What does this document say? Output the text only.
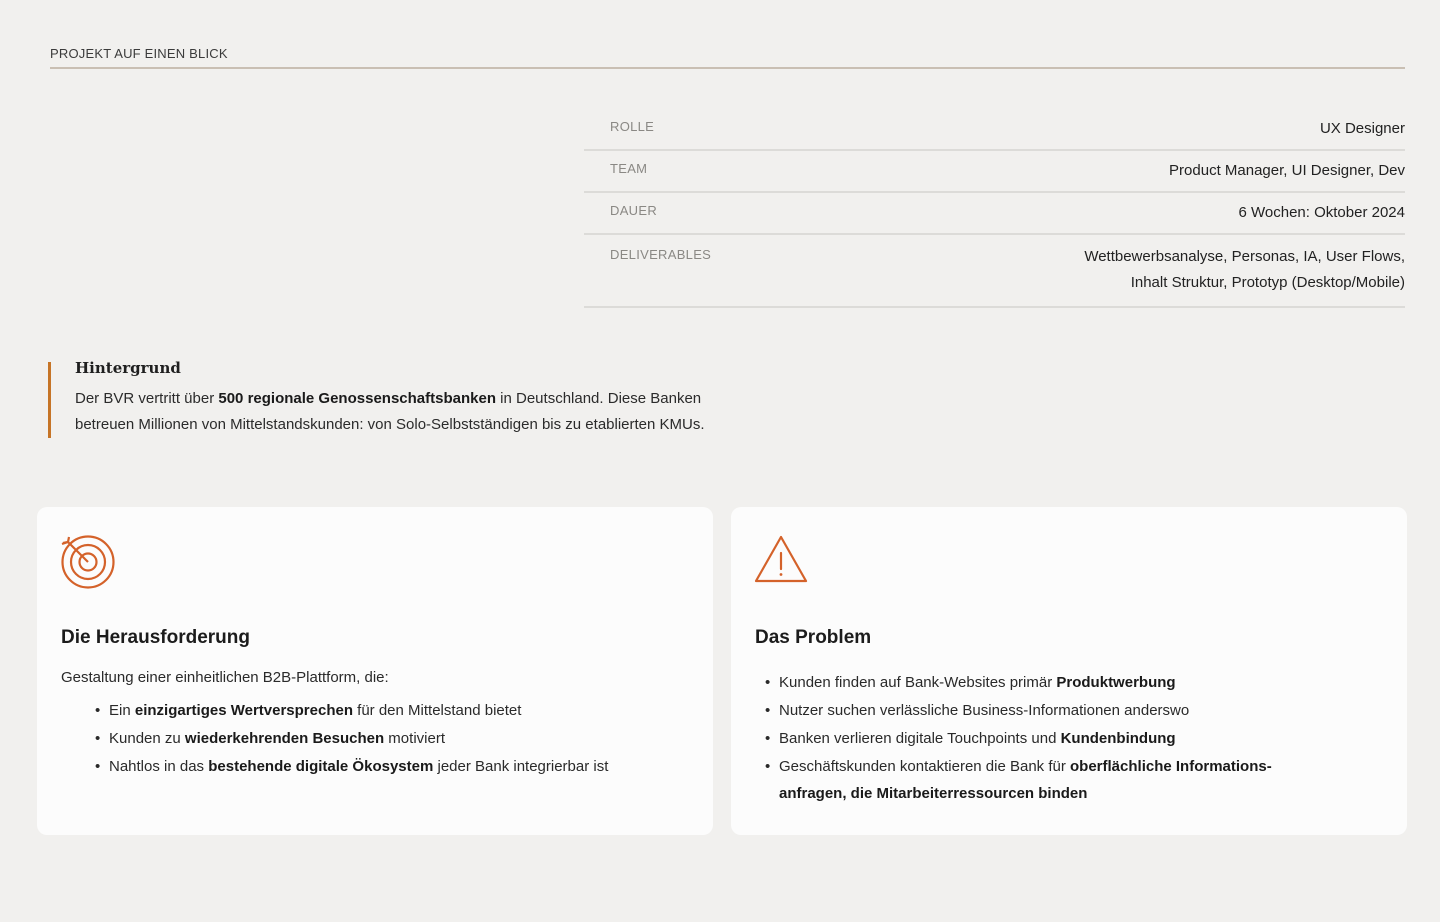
PROJEKT AUF EINEN BLICK
ROLLE	UX Designer
TEAM	Product Manager, UI Designer, Dev
DAUER	6 Wochen: Oktober 2024
DELIVERABLES	Wettbewerbsanalyse, Personas, IA, User Flows,
Inhalt Struktur, Prototyp (Desktop/Mobile)
Hintergrund
Der BVR vertritt über 500 regionale Genossenschaftsbanken in Deutschland. Diese Banken
betreuen Millionen von Mittelstandskunden: von Solo-Selbstständigen bis zu etablierten KMUs.
Die Herausforderung
Gestaltung einer einheitlichen B2B-Plattform, die:
• Ein einzigartiges Wertversprechen für den Mittelstand bietet
• Kunden zu wiederkehrenden Besuchen motiviert
• Nahtlos in das bestehende digitale Ökosystem jeder Bank integrierbar ist
Das Problem
• Kunden finden auf Bank-Websites primär Produktwerbung
• Nutzer suchen verlässliche Business-Informationen anderswo
• Banken verlieren digitale Touchpoints und Kundenbindung
• Geschäftskunden kontaktieren die Bank für oberflächliche Informations-
anfragen, die Mitarbeiterressourcen binden
